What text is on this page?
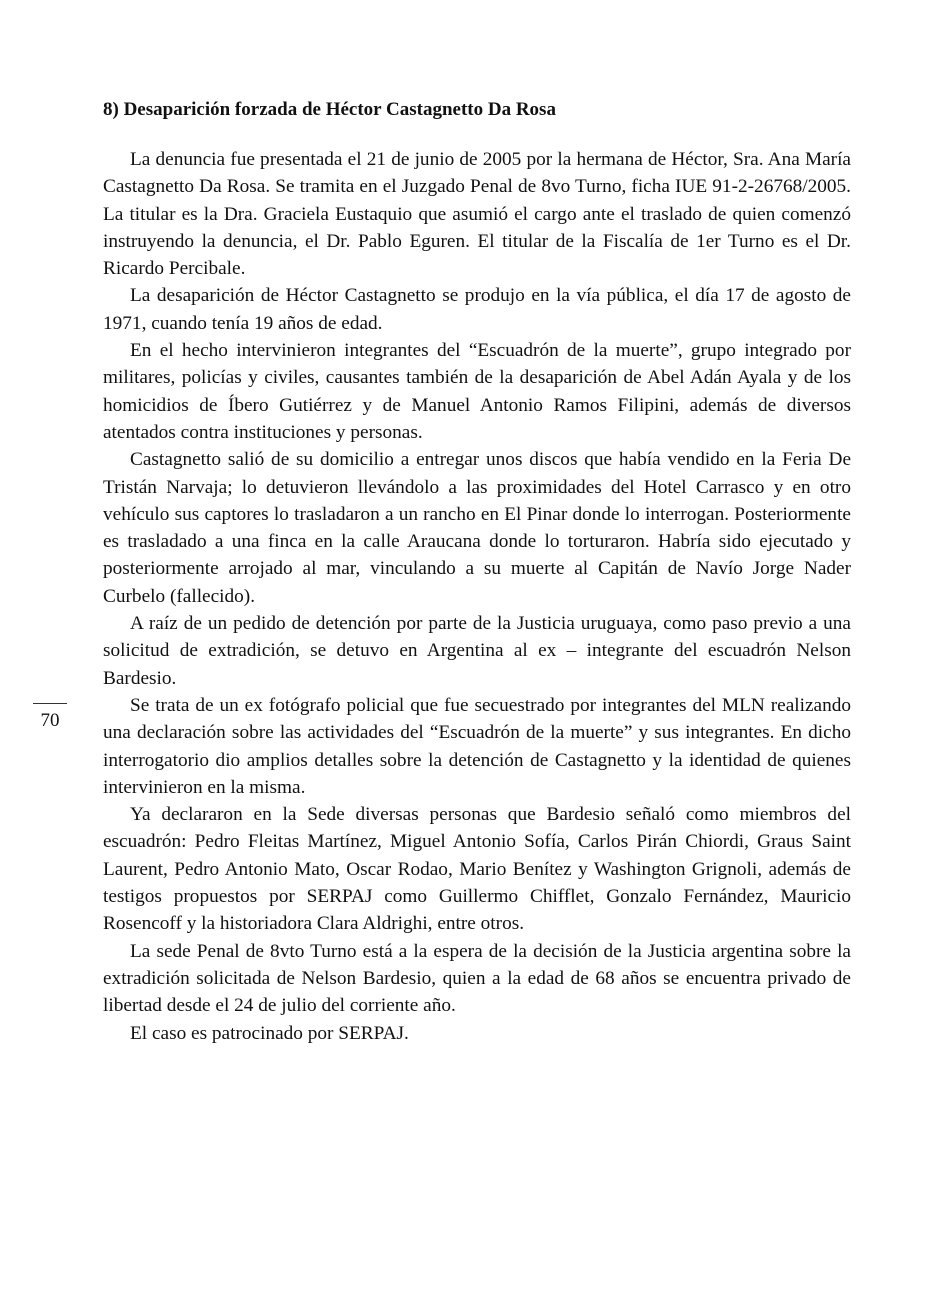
8) Desaparición forzada de Héctor Castagnetto Da Rosa

La denuncia fue presentada el 21 de junio de 2005 por la hermana de Héctor, Sra. Ana María Castagnetto Da Rosa. Se tramita en el Juzgado Penal de 8vo Turno, ficha IUE 91-2-26768/2005. La titular es la Dra. Graciela Eustaquio que asumió el cargo ante el traslado de quien comenzó instruyendo la denuncia, el Dr. Pablo Eguren. El titular de la Fiscalía de 1er Turno es el Dr. Ricardo Percibale.

La desaparición de Héctor Castagnetto se produjo en la vía pública, el día 17 de agosto de 1971, cuando tenía 19 años de edad.

En el hecho intervinieron integrantes del “Escuadrón de la muerte”, grupo integrado por militares, policías y civiles, causantes también de la desaparición de Abel Adán Ayala y de los homicidios de Íbero Gutiérrez y de Manuel Antonio Ramos Filipini, además de diversos atentados contra instituciones y personas.

Castagnetto salió de su domicilio a entregar unos discos que había vendido en la Feria De Tristán Narvaja; lo detuvieron llevándolo a las proximidades del Hotel Carrasco y en otro vehículo sus captores lo trasladaron a un rancho en El Pinar donde lo interrogan. Posteriormente es trasladado a una finca en la calle Araucana donde lo torturaron. Habría sido ejecutado y posteriormente arrojado al mar, vinculando a su muerte al Capitán de Navío Jorge Nader Curbelo (fallecido).

A raíz de un pedido de detención por parte de la Justicia uruguaya, como paso previo a una solicitud de extradición, se detuvo en Argentina al ex – integrante del escuadrón Nelson Bardesio.

Se trata de un ex fotógrafo policial que fue secuestrado por integrantes del MLN realizando una declaración sobre las actividades del “Escuadrón de la muerte” y sus integrantes. En dicho interrogatorio dio amplios detalles sobre la detención de Castagnetto y la identidad de quienes intervinieron en la misma.

Ya declararon en la Sede diversas personas que Bardesio señaló como miembros del escuadrón: Pedro Fleitas Martínez, Miguel Antonio Sofía, Carlos Pirán Chiordi, Graus Saint Laurent, Pedro Antonio Mato, Oscar Rodao, Mario Benítez y Washington Grignoli, además de testigos propuestos por SERPAJ como Guillermo Chifflet, Gonzalo Fernández, Mauricio Rosencoff y la historiadora Clara Aldrighi, entre otros.

La sede Penal de 8vto Turno está a la espera de la decisión de la Justicia argentina sobre la extradición solicitada de Nelson Bardesio, quien a la edad de 68 años se encuentra privado de libertad desde el 24 de julio del corriente año.

El caso es patrocinado por SERPAJ.

70
